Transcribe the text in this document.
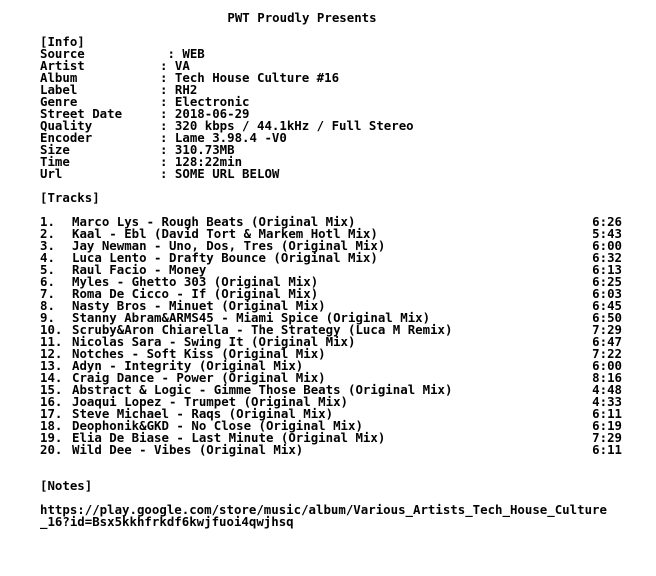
PWT Proudly Presents
[Info]
Source	: WEB
Artist	: VA
Album	: Tech House Culture #16
Label	: RH2
Genre	: Electronic
Street Date	: 2018-06-29
Quality	: 320 kbps / 44.1kHz / Full Stereo
Encoder	: Lame 3.98.4 -V0
Size	: 310.73MB
Time	: 128:22min
Url	: SOME URL BELOW
[Tracks]
1. Marco Lys - Rough Beats (Original Mix)	6:26
2. Kaal - Ebl (David Tort & Markem Hotl Mix)	5:43
3. Jay Newman - Uno, Dos, Tres (Original Mix)	6:00
4. Luca Lento - Drafty Bounce (Original Mix)	6:32
5. Raul Facio - Money	6:13
6. Myles - Ghetto 303 (Original Mix)	6:25
7. Roma De Cicco - If (Original Mix)	6:03
8. Nasty Bros - Minuet (Original Mix)	6:45
9. Stanny Abram&ARMS45 - Miami Spice (Original Mix)	6:50
10. Scruby&Aron Chiarella - The Strategy (Luca M Remix)	7:29
11. Nicolas Sara - Swing It (Original Mix)	6:47
12. Notches - Soft Kiss (Original Mix)	7:22
13. Adyn - Integrity (Original Mix)	6:00
14. Craig Dance - Power (Original Mix)	8:16
15. Abstract & Logic - Gimme Those Beats (Original Mix)	4:48
16. Joaqui Lopez - Trumpet (Original Mix)	4:33
17. Steve Michael - Raqs (Original Mix)	6:11
18. Deophonik&GKD - No Close (Original Mix)	6:19
19. Elia De Biase - Last Minute (Original Mix)	7:29
20. Wild Dee - Vibes (Original Mix)	6:11
[Notes]
https://play.google.com/store/music/album/Various_Artists_Tech_House_Culture
_16?id=Bsx5kkhfrkdf6kwjfuoi4qwjhsq
